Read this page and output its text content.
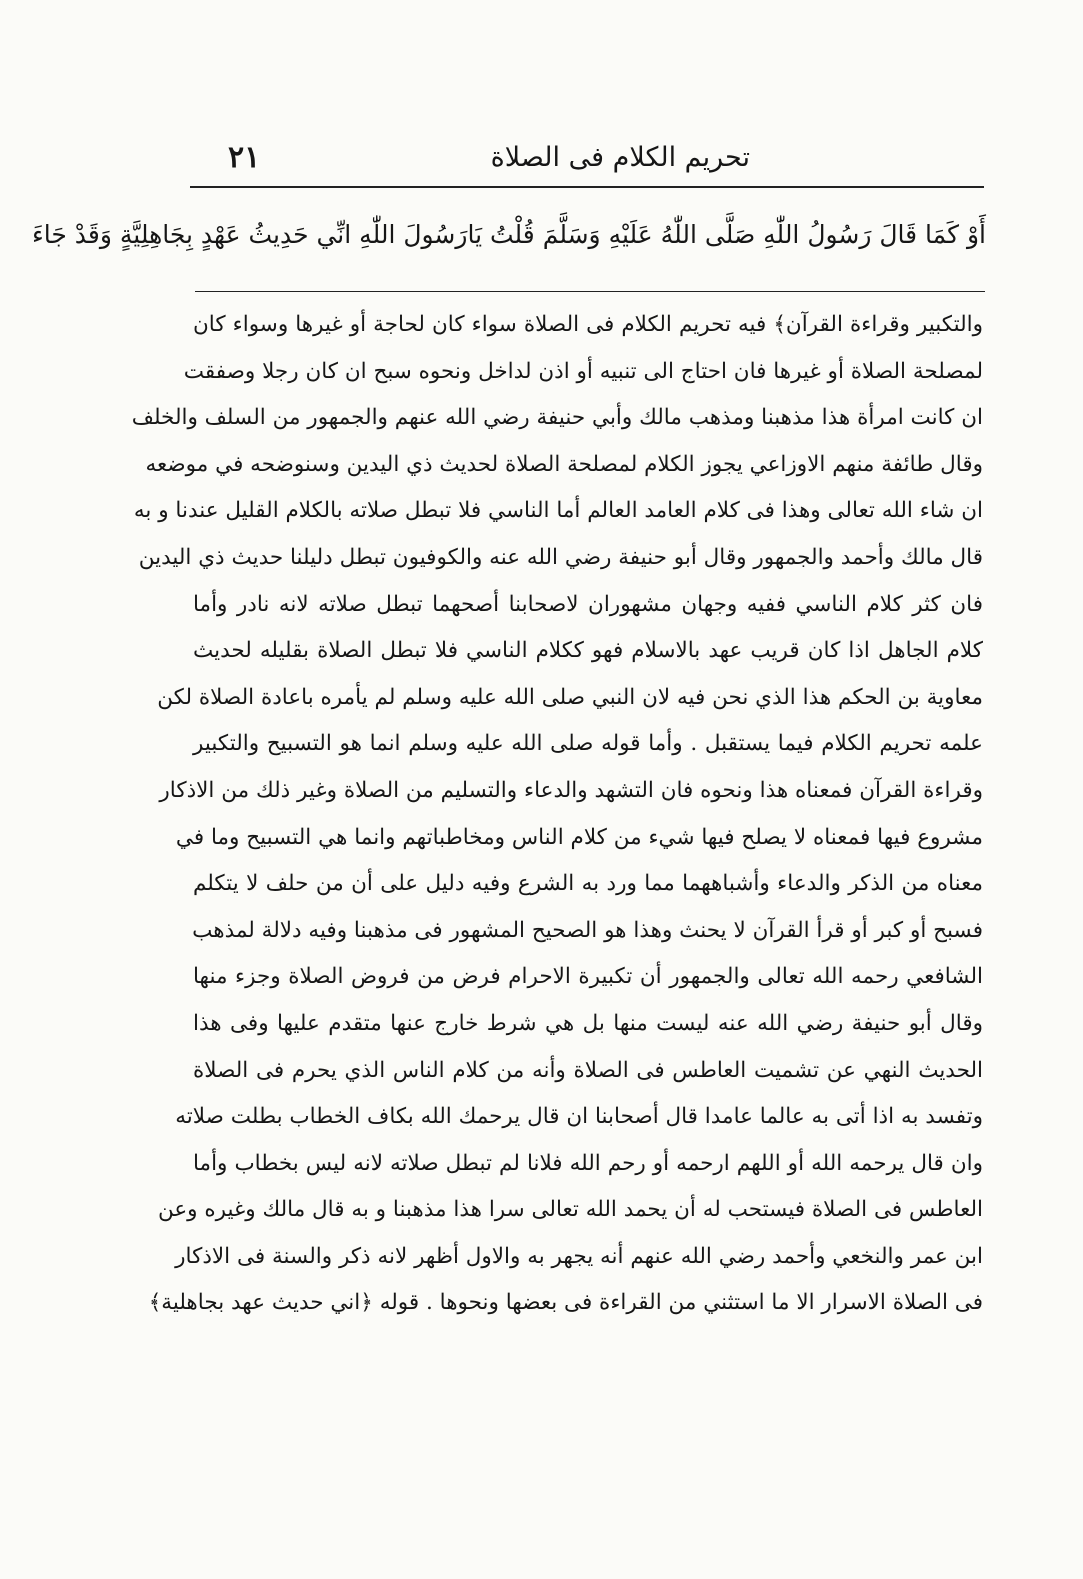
تحريم الكلام فى الصلاة
٢١
أَوْ كَمَا قَالَ رَسُولُ اللّٰهِ صَلَّى اللّٰهُ عَلَيْهِ وَسَلَّمَ قُلْتُ يَارَسُولَ اللّٰهِ انِّي حَدِيثُ عَهْدٍ بِجَاهِلِيَّةٍ وَقَدْ جَاءَ
والتكبير وقراءة القرآن﴾ فيه تحريم الكلام فى الصلاة سواء كان لحاجة أو غيرها وسواء كان
لمصلحة الصلاة أو غيرها فان احتاج الى تنبيه أو اذن لداخل ونحوه سبح ان كان رجلا وصفقت
ان كانت امرأة هذا مذهبنا ومذهب مالك وأبي حنيفة رضي الله عنهم والجمهور من السلف والخلف
وقال طائفة منهم الاوزاعي يجوز الكلام لمصلحة الصلاة لحديث ذي اليدين وسنوضحه في موضعه
ان شاء الله تعالى وهذا فى كلام العامد العالم أما الناسي فلا تبطل صلاته بالكلام القليل عندنا و به
قال مالك وأحمد والجمهور وقال أبو حنيفة رضي الله عنه والكوفيون تبطل دليلنا حديث ذي اليدين
فان كثر كلام الناسي ففيه وجهان مشهوران لاصحابنا أصحهما تبطل صلاته لانه نادر وأما
كلام الجاهل اذا كان قريب عهد بالاسلام فهو ككلام الناسي فلا تبطل الصلاة بقليله لحديث
معاوية بن الحكم هذا الذي نحن فيه لان النبي صلى الله عليه وسلم لم يأمره باعادة الصلاة لكن
علمه تحريم الكلام فيما يستقبل . وأما قوله صلى الله عليه وسلم انما هو التسبيح والتكبير
وقراءة القرآن فمعناه هذا ونحوه فان التشهد والدعاء والتسليم من الصلاة وغير ذلك من الاذكار
مشروع فيها فمعناه لا يصلح فيها شيء من كلام الناس ومخاطباتهم وانما هي التسبيح وما في
معناه من الذكر والدعاء وأشباههما مما ورد به الشرع وفيه دليل على أن من حلف لا يتكلم
فسبح أو كبر أو قرأ القرآن لا يحنث وهذا هو الصحيح المشهور فى مذهبنا وفيه دلالة لمذهب
الشافعي رحمه الله تعالى والجمهور أن تكبيرة الاحرام فرض من فروض الصلاة وجزء منها
وقال أبو حنيفة رضي الله عنه ليست منها بل هي شرط خارج عنها متقدم عليها وفى هذا
الحديث النهي عن تشميت العاطس فى الصلاة وأنه من كلام الناس الذي يحرم فى الصلاة
وتفسد به اذا أتى به عالما عامدا قال أصحابنا ان قال يرحمك الله بكاف الخطاب بطلت صلاته
وان قال يرحمه الله أو اللهم ارحمه أو رحم الله فلانا لم تبطل صلاته لانه ليس بخطاب وأما
العاطس فى الصلاة فيستحب له أن يحمد الله تعالى سرا هذا مذهبنا و به قال مالك وغيره وعن
ابن عمر والنخعي وأحمد رضي الله عنهم أنه يجهر به والاول أظهر لانه ذكر والسنة فى الاذكار
فى الصلاة الاسرار الا ما استثني من القراءة فى بعضها ونحوها . قوله ﴿اني حديث عهد بجاهلية﴾
